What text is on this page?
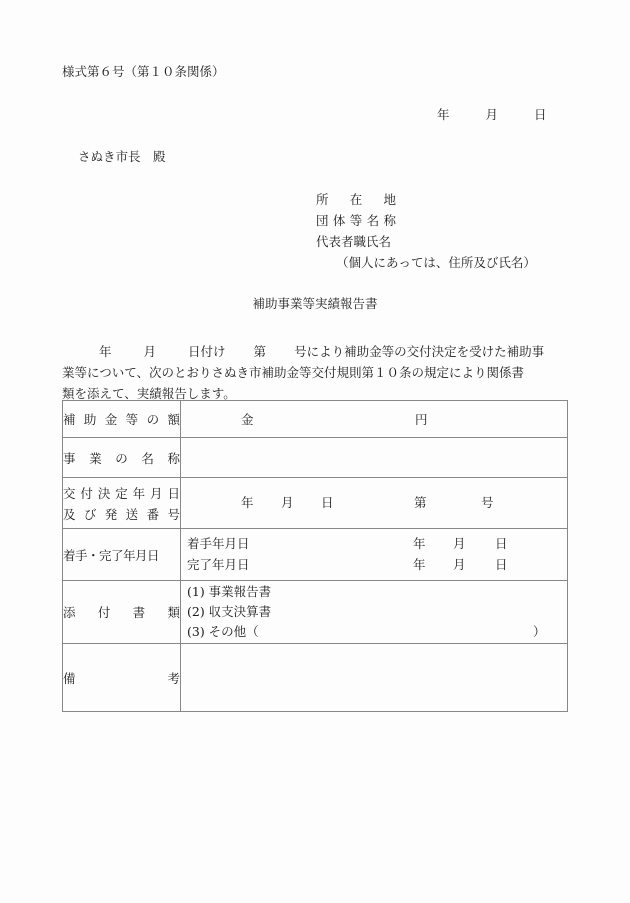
様式第６号（第１０条関係）
年	月	日
さぬき市長　殿
所 在 地
団 体 等 名 称
代表者職氏名
（個人にあっては、住所及び氏名）
補助事業等実績報告書
年	月	日付け 第 号により補助金等の交付決定を受けた補助事
業等について、次のとおりさぬき市補助金等交付規則第１０条の規定により関係書
類を添えて、実績報告します。
補 助 金 等 の 額	金	円

事 業 の 名 称	

交 付 決 定 年 月 日
及 び 発 送 番 号

年 月 日	第	号

着手・完了年月日	
着手年月日	年 月 日
完了年月日	年 月 日

添 付 書 類	(1) 事業報告書
(2) 収支決算書
(3) その他（ ）

備 考	
